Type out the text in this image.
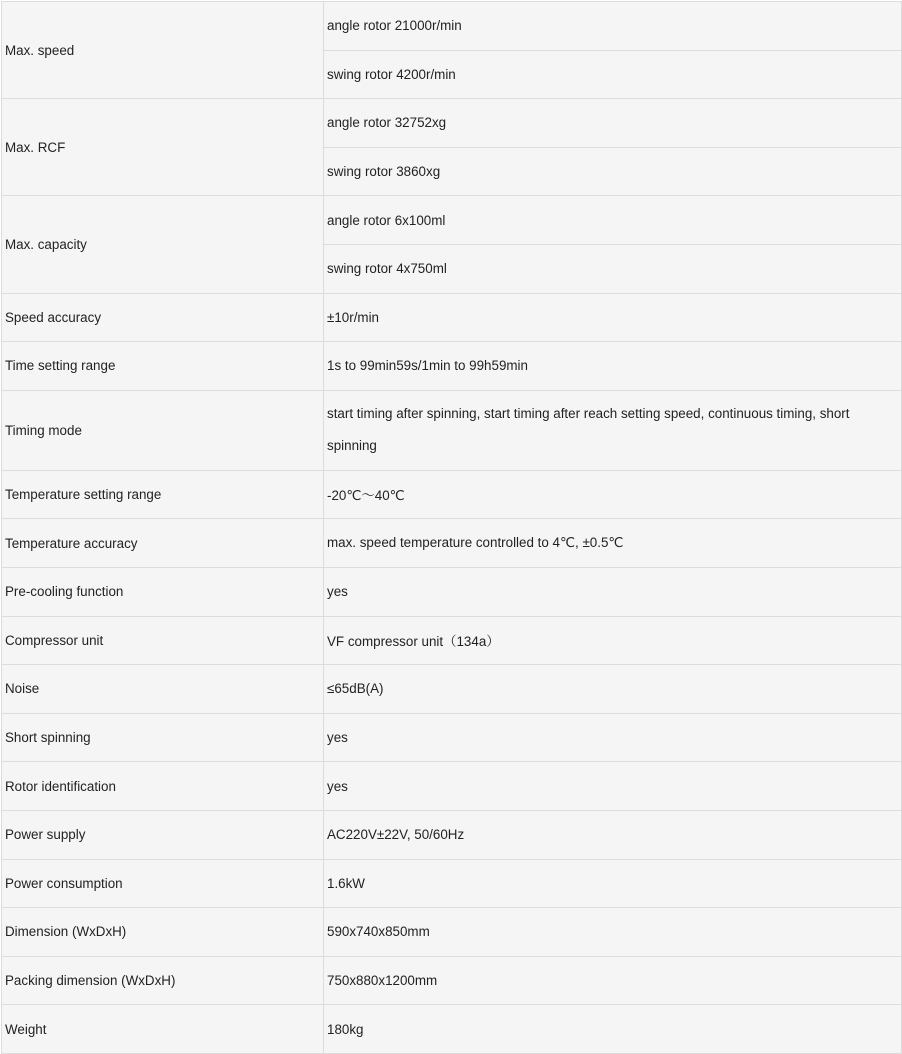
Max. speed	angle rotor 21000r/min
	swing rotor 4200r/min
Max. RCF	angle rotor 32752xg
	swing rotor 3860xg
Max. capacity	angle rotor 6x100ml
	swing rotor 4x750ml
Speed accuracy	±10r/min
Time setting range	1s to 99min59s/1min to 99h59min
Timing mode	start timing after spinning, start timing after reach setting speed, continuous timing, short spinning
Temperature setting range	-20℃～40℃
Temperature accuracy	max. speed temperature controlled to 4℃, ±0.5℃
Pre-cooling function	yes
Compressor unit	VF compressor unit（134a）
Noise	≤65dB(A)
Short spinning	yes
Rotor identification	yes
Power supply	AC220V±22V, 50/60Hz
Power consumption	1.6kW
Dimension (WxDxH)	590x740x850mm
Packing dimension (WxDxH)	750x880x1200mm
Weight	180kg
